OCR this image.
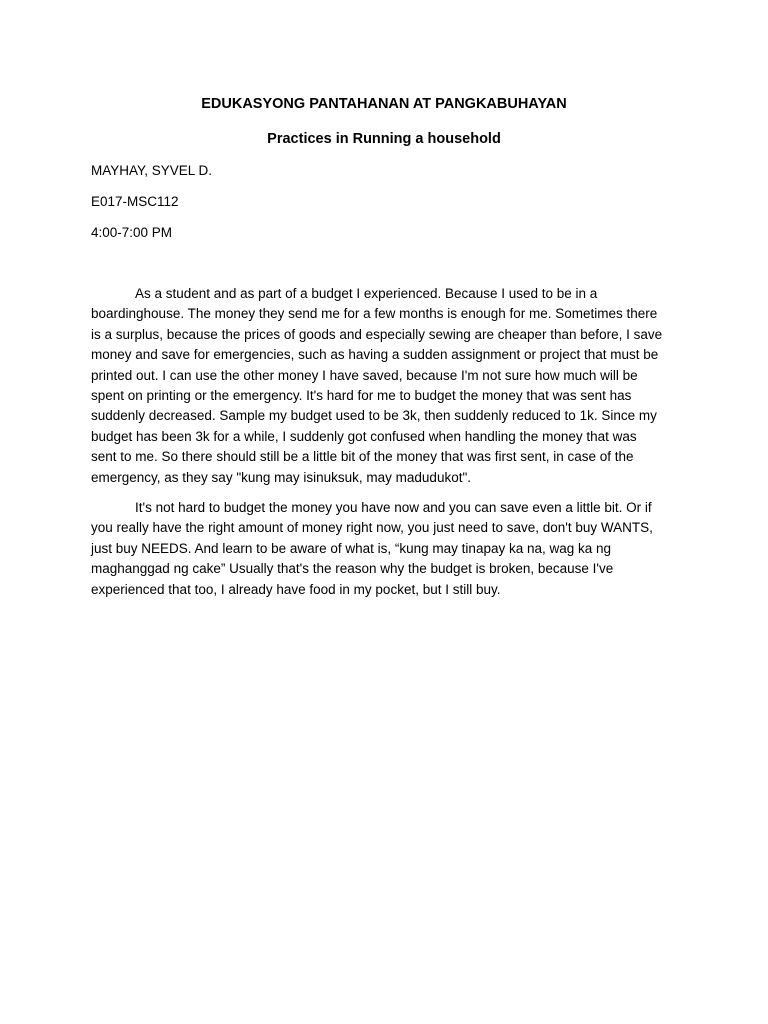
EDUKASYONG PANTAHANAN AT PANGKABUHAYAN
Practices in Running a household

MAYHAY, SYVEL D.

E017-MSC112

4:00-7:00 PM

As a student and as part of a budget I experienced. Because I used to be in a
boardinghouse. The money they send me for a few months is enough for me. Sometimes there
is a surplus, because the prices of goods and especially sewing are cheaper than before, I save
money and save for emergencies, such as having a sudden assignment or project that must be
printed out. I can use the other money I have saved, because I'm not sure how much will be
spent on printing or the emergency. It's hard for me to budget the money that was sent has
suddenly decreased. Sample my budget used to be 3k, then suddenly reduced to 1k. Since my
budget has been 3k for a while, I suddenly got confused when handling the money that was
sent to me. So there should still be a little bit of the money that was first sent, in case of the
emergency, as they say "kung may isinuksuk, may madudukot".

It's not hard to budget the money you have now and you can save even a little bit. Or if
you really have the right amount of money right now, you just need to save, don't buy WANTS,
just buy NEEDS. And learn to be aware of what is, “kung may tinapay ka na, wag ka ng
maghanggad ng cake” Usually that's the reason why the budget is broken, because I've
experienced that too, I already have food in my pocket, but I still buy.
